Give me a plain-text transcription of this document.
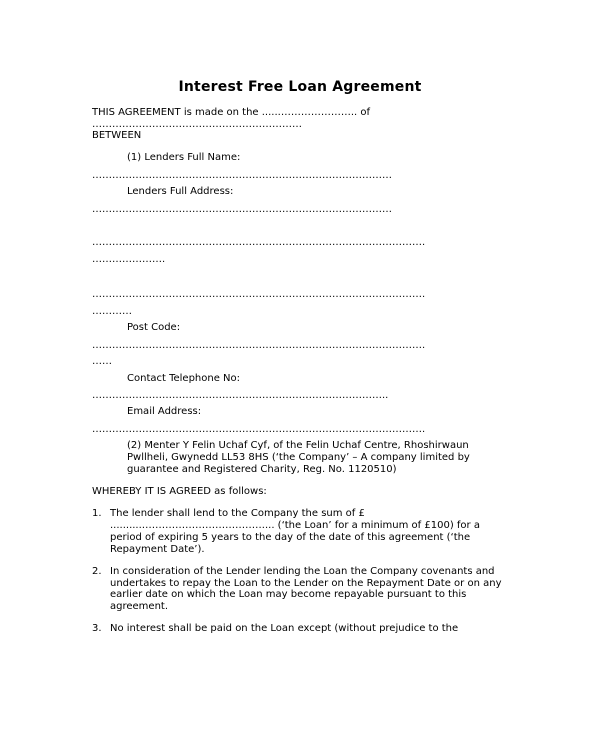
Interest Free Loan Agreement
THIS AGREEMENT is made on the ......………………….. of
………………………………………………………
BETWEEN
(1) Lenders Full Name:
………………………………………………………………………………
Lenders Full Address:
………………………………………………………………………………
……………………………………………………………………………………….
………………….
……………………………………………………………………………………….
…………
Post Code:
……………………………………………………………………………………….
……
Contact Telephone No:
……………………………………………………………………………..
Email Address:
……………………………………………………………………………………….
(2) Menter Y Felin Uchaf Cyf, of the Felin Uchaf Centre, Rhoshirwaun
Pwllheli, Gwynedd LL53 8HS (‘the Company’ – A company limited by
guarantee and Registered Charity, Reg. No. 1120510)
WHEREBY IT IS AGREED as follows:
1. The lender shall lend to the Company the sum of £
..........……………………………….... (‘the Loan’ for a minimum of £100) for a
period of expiring 5 years to the day of the date of this agreement (‘the
Repayment Date’).
2. In consideration of the Lender lending the Loan the Company covenants and
undertakes to repay the Loan to the Lender on the Repayment Date or on any
earlier date on which the Loan may become repayable pursuant to this
agreement.
3. No interest shall be paid on the Loan except (without prejudice to the
